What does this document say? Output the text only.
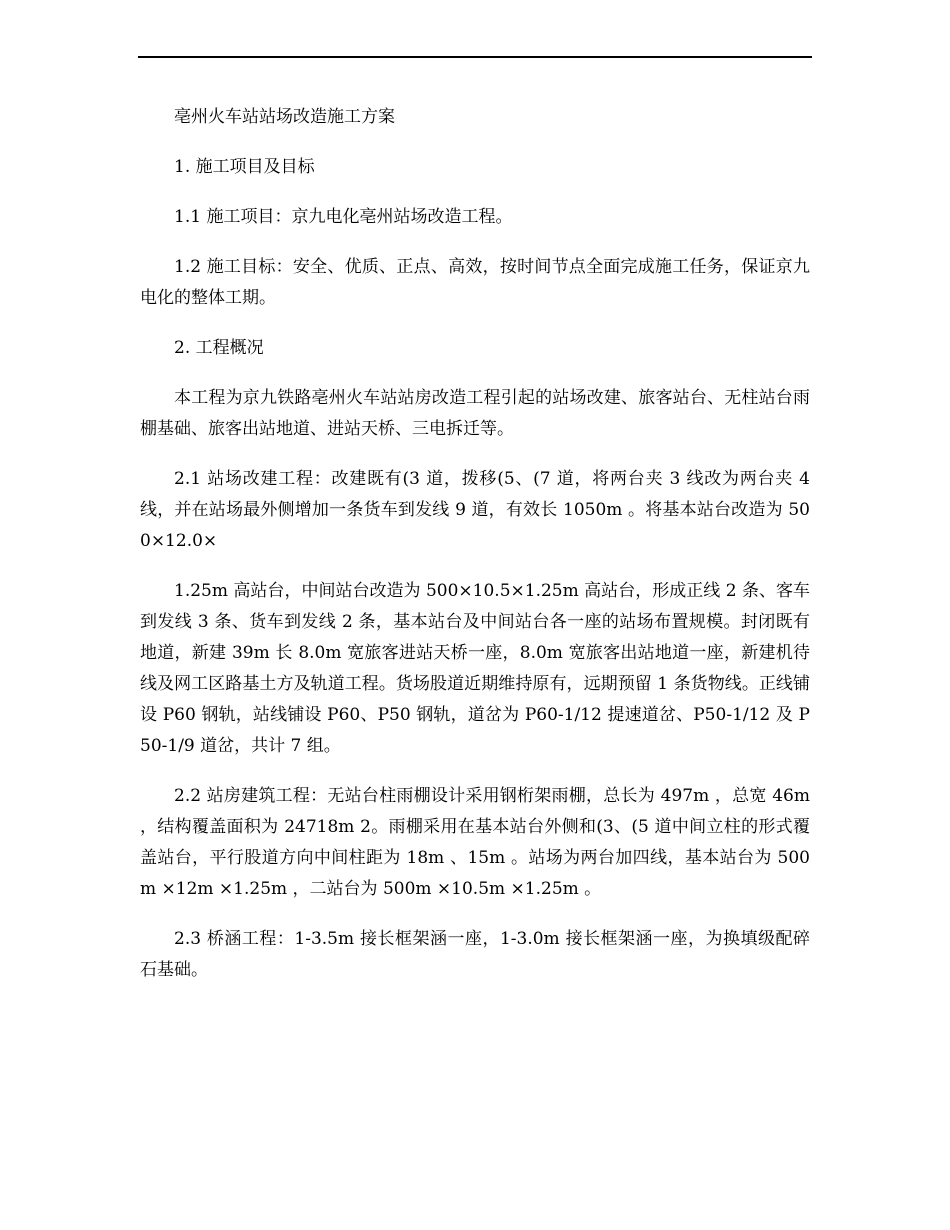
亳州火车站站场改造施工方案

1. 施工项目及目标

1.1 施工项目：京九电化亳州站场改造工程。

1.2 施工目标：安全、优质、正点、高效，按时间节点全面完成施工任务，保证京九电化的整体工期。

2. 工程概况

本工程为京九铁路亳州火车站站房改造工程引起的站场改建、旅客站台、无柱站台雨棚基础、旅客出站地道、进站天桥、三电拆迁等。

2.1 站场改建工程：改建既有(3 道，拨移(5、(7 道，将两台夹 3 线改为两台夹 4 线，并在站场最外侧增加一条货车到发线 9 道，有效长 1050m 。将基本站台改造为 500×12.0×

1.25m 高站台，中间站台改造为 500×10.5×1.25m 高站台，形成正线 2 条、客车到发线 3 条、货车到发线 2 条，基本站台及中间站台各一座的站场布置规模。封闭既有地道，新建 39m 长 8.0m 宽旅客进站天桥一座，8.0m 宽旅客出站地道一座，新建机待线及网工区路基土方及轨道工程。货场股道近期维持原有，远期预留 1 条货物线。正线铺设 P60 钢轨，站线铺设 P60、P50 钢轨，道岔为 P60-1/12 提速道岔、P50-1/12 及 P50-1/9 道岔，共计 7 组。

2.2 站房建筑工程：无站台柱雨棚设计采用钢桁架雨棚，总长为 497m ，总宽 46m ，结构覆盖面积为 24718m 2。雨棚采用在基本站台外侧和(3、(5 道中间立柱的形式覆盖站台，平行股道方向中间柱距为 18m 、15m 。站场为两台加四线，基本站台为 500m ×12m ×1.25m ，二站台为 500m ×10.5m ×1.25m 。

2.3 桥涵工程：1-3.5m 接长框架涵一座，1-3.0m 接长框架涵一座，为换填级配碎石基础。
